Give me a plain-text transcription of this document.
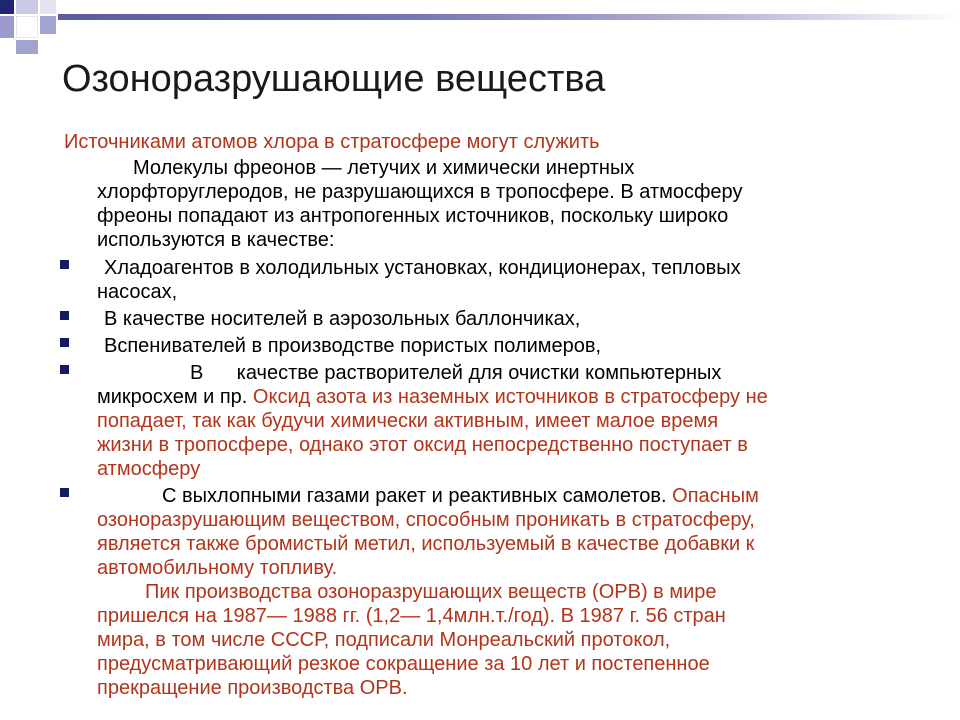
Озоноразрушающие вещества
Источниками атомов хлора в стратосфере могут служить
Молекулы фреонов — летучих и химически инертных
хлорфторуглеродов, не разрушающихся в тропосфере. В атмосферу
фреоны попадают из антропогенных источников, поскольку широко
используются в качестве:
Хладоагентов в холодильных установках, кондиционерах, тепловых
насосах,
В качестве носителей в аэрозольных баллончиках,
Вспенивателей в производстве пористых полимеров,
В      качестве растворителей для очистки компьютерных
микросхем и пр. Оксид азота из наземных источников в стратосферу не
попадает, так как будучи химически активным, имеет малое время
жизни в тропосфере, однако этот оксид непосредственно поступает в
атмосферу
С выхлопными газами ракет и реактивных самолетов. Опасным
озоноразрушающим веществом, способным проникать в стратосферу,
является также бромистый метил, используемый в качестве добавки к
автомобильному топливу.
Пик производства озоноразрушающих веществ (ОРВ) в мире
пришелся на 1987— 1988 гг. (1,2— 1,4млн.т./год). В 1987 г. 56 стран
мира, в том числе СССР, подписали Монреальский протокол,
предусматривающий резкое сокращение за 10 лет и постепенное
прекращение производства ОРВ.
